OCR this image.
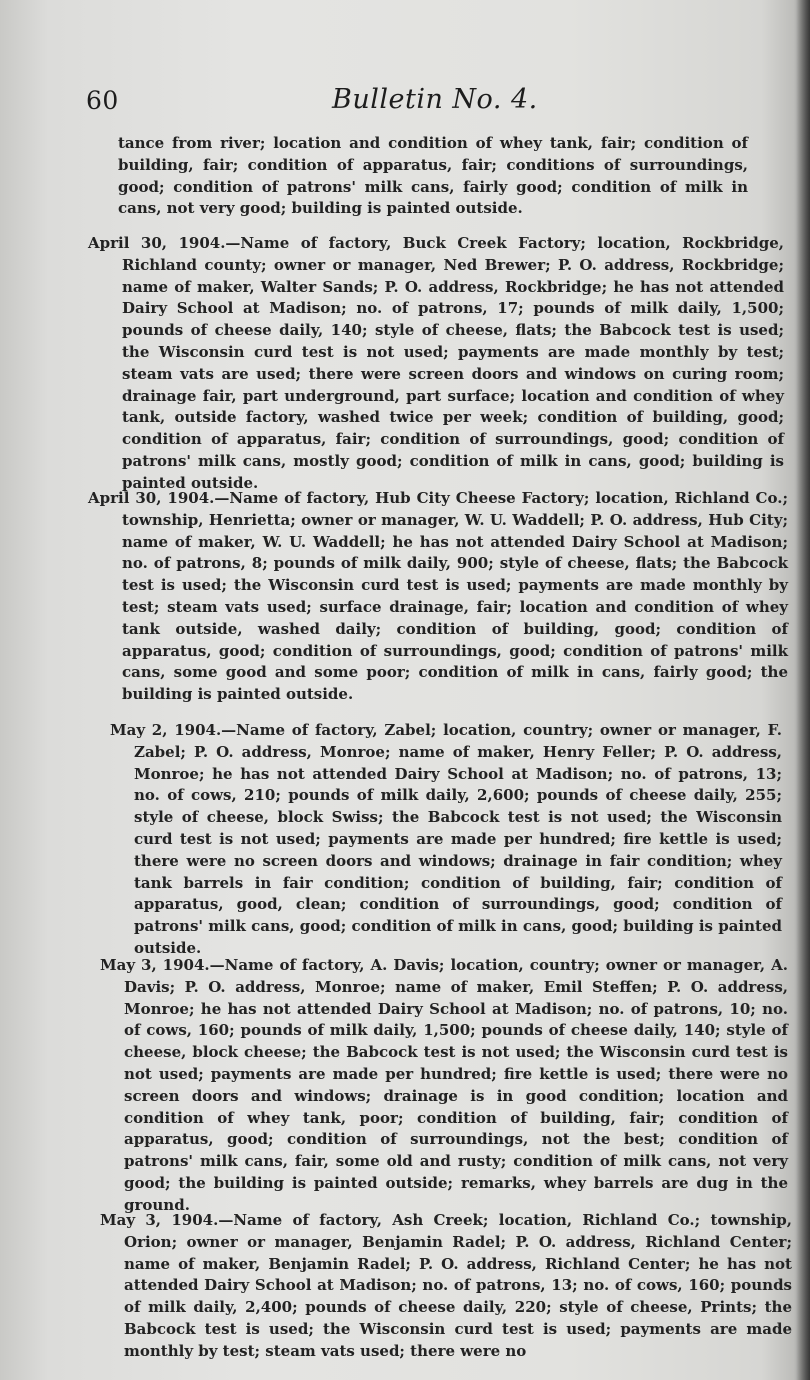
60	Bulletin No. 4.

tance from river; location and condition of whey tank, fair; condition of building, fair; condition of apparatus, fair; conditions of surroundings, good; condition of patrons' milk cans, fairly good; condition of milk in cans, not very good; building is painted outside.

April 30, 1904.—Name of factory, Buck Creek Factory; location, Rockbridge, Richland county; owner or manager, Ned Brewer; P. O. address, Rockbridge; name of maker, Walter Sands; P. O. address, Rockbridge; he has not attended Dairy School at Madison; no. of patrons, 17; pounds of milk daily, 1,500; pounds of cheese daily, 140; style of cheese, flats; the Babcock test is used; the Wisconsin curd test is not used; payments are made monthly by test; steam vats are used; there were screen doors and windows on curing room; drainage fair, part underground, part surface; location and condition of whey tank, outside factory, washed twice per week; condition of building, good; condition of apparatus, fair; condition of surroundings, good; condition of patrons' milk cans, mostly good; condition of milk in cans, good; building is painted outside.

April 30, 1904.—Name of factory, Hub City Cheese Factory; location, Richland Co.; township, Henrietta; owner or manager, W. U. Waddell; P. O. address, Hub City; name of maker, W. U. Waddell; he has not attended Dairy School at Madison; no. of patrons, 8; pounds of milk daily, 900; style of cheese, flats; the Babcock test is used; the Wisconsin curd test is used; payments are made monthly by test; steam vats used; surface drainage, fair; location and condition of whey tank outside, washed daily; condition of building, good; condition of apparatus, good; condition of surroundings, good; condition of patrons' milk cans, some good and some poor; condition of milk in cans, fairly good; the building is painted outside.

May 2, 1904.—Name of factory, Zabel; location, country; owner or manager, F. Zabel; P. O. address, Monroe; name of maker, Henry Feller; P. O. address, Monroe; he has not attended Dairy School at Madison; no. of patrons, 13; no. of cows, 210; pounds of milk daily, 2,600; pounds of cheese daily, 255; style of cheese, block Swiss; the Babcock test is not used; the Wisconsin curd test is not used; payments are made per hundred; fire kettle is used; there were no screen doors and windows; drainage in fair condition; whey tank barrels in fair condition; condition of building, fair; condition of apparatus, good, clean; condition of surroundings, good; condition of patrons' milk cans, good; condition of milk in cans, good; building is painted outside.

May 3, 1904.—Name of factory, A. Davis; location, country; owner or manager, A. Davis; P. O. address, Monroe; name of maker, Emil Steffen; P. O. address, Monroe; he has not attended Dairy School at Madison; no. of patrons, 10; no. of cows, 160; pounds of milk daily, 1,500; pounds of cheese daily, 140; style of cheese, block cheese; the Babcock test is not used; the Wisconsin curd test is not used; payments are made per hundred; fire kettle is used; there were no screen doors and windows; drainage is in good condition; location and condition of whey tank, poor; condition of building, fair; condition of apparatus, good; condition of surroundings, not the best; condition of patrons' milk cans, fair, some old and rusty; condition of milk cans, not very good; the building is painted outside; remarks, whey barrels are dug in the ground.

May 3, 1904.—Name of factory, Ash Creek; location, Richland Co.; township, Orion; owner or manager, Benjamin Radel; P. O. address, Richland Center; name of maker, Benjamin Radel; P. O. address, Richland Center; he has not attended Dairy School at Madison; no. of patrons, 13; no. of cows, 160; pounds of milk daily, 2,400; pounds of cheese daily, 220; style of cheese, Prints; the Babcock test is used; the Wisconsin curd test is used; payments are made monthly by test; steam vats used; there were no
